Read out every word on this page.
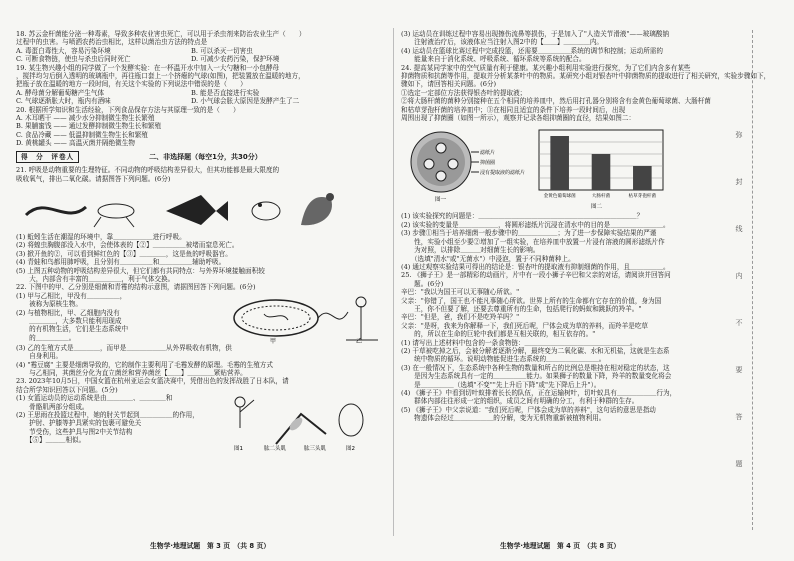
18. 苏云金杆菌能分泌一种毒素，导致多种农业害虫死亡，可以用于杀虫剂来防治农业生产（　　）

过程中的虫害。与喷洒农药治虫相比，这样以菌治虫方法的特点是

A. 毒蛋白毒性大，容易污染环境	B. 可以杀灭一切害虫

C. 可断食物链，使虫与杀虫后同时死亡	D. 可减少农药污染，保护环境

19. 某生物兴趣小组的同学做了一个发酵实验：在一杯温开水中加入一大勺糖和一小包酵母

，搅拌均匀后倒入透明的玻璃瓶中，再往瓶口套上一个挤瘪的气球(如图)，把装置放在温暖的地方，

把瓶子放在温暖的地方一段时间，有关这个实验的下列说法中错误的是（　　）

A. 酵母菌分解葡萄糖产生气体	B. 能是否直接进行实验

C. 气球逐渐胀大时，瓶内有酒味	D. 小气球会胀大原因是发酵产生了二

20. 根据所学知识和生活经验，下列食品保存方法与其原理一致的是（　　）

A. 木耳晒干 —— 减少水分抑制微生物生长繁殖

B. 果脯蜜饯 —— 通过发酵抑制微生物生长和繁殖

C. 食品冷藏 —— 低温抑制微生物生长和繁殖

D. 黄桃罐头 —— 高温灭菌并隔绝微生物

得　分　评卷人	二、非选择题（每空1分，共30分）

21. 呼吸是动物重要的生理特征。不同动物的呼吸结构差异很大，但其功能都是最大限度的

吸收氧气，排出二氧化碳。请据图答下列问题。(6分)

(1) 蚯蚓生活在潮湿的环境中，靠＿＿＿＿＿＿进行呼吸。

(2) 将蝗虫胸腹部没入水中，会使体表的【②】＿＿＿＿＿被堵而窒息死亡。

(3) 掀开鱼的②，可以看到鲜红色的【③】＿＿＿＿，这是鱼的呼吸器官。

(4) 青蛙和鸟都用肺呼吸，且分别有＿＿＿＿＿和＿＿＿＿＿辅助呼吸。

(5) 上图五种动物的呼吸结构差异很大，但它们都有共同特点：与外界环境接触面积较

　　大，内部含有丰富的＿＿＿＿＿，利于气体交换。

22. 下图中的甲、乙分别是细菌和青霉的结构示意图，请据图回答下列问题。(6分)

(1) 甲与乙相比，甲没有＿＿＿＿＿，

　　被称为原核生物。

(2) 与植物相比，甲、乙细胞内没有

　　＿＿＿＿，大多数只能利用现成

　　的有机物生活，它们是生态系统中

　　的＿＿＿＿＿。	甲	乙

(3) 乙的生殖方式是＿＿＿＿，而甲是＿＿＿＿＿＿从外界吸收有机物，供

　　自身利用。

(4) "霉豆腐" 主要是细菌导致的，它的制作主要利用了毛霉发酵的原理。毛霉的生殖方式

　　与乙相同，其菌丝分化为直立菌丝和营养菌丝【＿＿】＿＿＿＿紧贴营养。

23. 2023年10月5日，中国女篮在杭州亚运会女篮决赛中，凭借出色的发挥战胜了日本队，请

结合所学知识回答以下问题。(5分)

(1) 女篮运动员的运动系统是由＿＿＿＿、＿＿＿＿和

　　骨骼肌两部分组成。

(2) 王思雨在投篮过程中，她的肘关节起到＿＿＿＿＿的作用，

　　护肘、护膝等护具紧实的包裹可避免关

　　节受伤，这些护具与图2中关节结构

　　【⑤】＿＿＿相似。

肱二头肌	肱三头肌
图1	图2

(3) 运动员在训练过程中容易出现擦伤流鼻等损伤，于是加入了"人造关节滑液"——玻璃酸钠

　　注射液治疗后，该液体应当注射入图2中的【＿＿】＿＿＿＿内。

(4) 运动员在篮球比赛过程中完成投篮，还需要＿＿＿＿＿系统的调节和控制；运动所需的

　　能量来自于消化系统、呼吸系统、循环系统等系统的配合。

24. 提高某同学家中的空气质量有利于健康。某兴趣小组利用实验进行探究，为了它们内含多有某些

抑菌物质和抗菌等作用，提取并分析某茶叶中的物质。某研究小组对银杏叶中抑菌物质的提取进行了相关研究，实验步骤如下，

骤如下，请回答相关问题。(6分)

①选定一定部位方法获得银杏叶的提取液；

②将大肠杆菌的菌种分别接种在五个相同的培养皿中，然后用打孔器分别将含有金黄色葡萄球菌、大肠杆菌

和枯草芽孢杆菌的培养皿中；③在相同且适宜的条件下培养一段时间后，出现

周围出现了抑菌圈（如图一所示），观察并记录各组抑菌圈的直径，结果如图二：

滤纸片
抑菌圈
浸有提取液的滤纸片
图一
金黄色葡萄球菌	大肠杆菌	枯草芽孢杆菌
图二

(1) 该实验探究的问题是：＿＿＿＿＿＿＿＿＿＿＿＿＿＿＿＿＿＿＿＿＿＿＿＿？

(2) 该实验的变量是＿＿＿＿＿＿，将圆形滤纸片沉浸在清水中的目的是＿＿＿＿＿＿＿＿。

(3) 步骤①相当于培养细菌一般步骤中的＿＿＿＿＿＿；为了进一步保障实验结果的严谨

　　性，实验小组至少要②增加了一组实验，在培养皿中放置一片浸有溶液的圆形滤纸片作

　　为对照，以排除＿＿＿对细菌生长的影响。

　　（选填"清水"或"无菌水"）中浸泡，置于不同种菌种上。

(4) 通过观察实验结果可得出的结论是：银杏叶的提取液有抑制细菌的作用，且＿＿＿＿＿。

25. 《狮子王》是一部精彩的动画片，片中有一段小狮子辛巴和父亲的对话，请阅读并回答问

　　题。(6分)

辛巴："我以为国王可以无事随心所欲。"

父亲："你错了，国王也不能凡事随心所欲。世界上所有的生命都有它存在的价值，身为国

　　王，你不但要了解，还要去尊重所有的生命，包括爬行的蚂蚁和跳跃的羚羊。"

辛巴："但是，爸，我们不是吃羚羊吗？"

父亲："是呀，我来为你解释一下，我们死后呢，尸体会成为草的养料，而羚羊是吃草

　　的，所以在生命的巨轮中我们都是互相关联的，相互依存的。"

(1) 请写出上述材料中包含的一条食物链：＿＿＿＿＿＿＿＿＿＿＿＿＿＿＿＿。

(2) 干草被吃掉之后，会被分解者逐渐分解，最终变为二氧化碳、水和无机盐，这就是生态系

　　统中物质的循环。说明动物能促进生态系统的＿＿＿＿＿＿＿＿。

(3) 在一般情况下，生态系统中各种生物的数量和所占的比例总是维持在相对稳定的状态，这

　　是因为生态系统具有一定的＿＿＿＿＿能力。如果狮子的数量下降，羚羊的数量变化将会

　　是＿＿＿＿＿（选填"不变""先上升后下降"或"先下降后上升"）。

(4) 《狮子王》中看到切叶蚁排着长长的队伍，正在运输树叶，切叶蚁具有＿＿＿＿＿＿行为，

　　群体内部往往形成一定的组织，成员之间有明确的分工，有利于种群的生存。

(5) 《狮子王》中父亲说道："我们死后呢，尸体会成为草的养料"，这句话的意思是指动

　　物遗体会经过＿＿＿＿＿＿的分解，变为无机物重新被植物利用。

弥
封
线
内
不
要
答
题
生物学·地理试题　第 3 页　（共 8 页）	生物学·地理试题　第 4 页　（共 8 页）
